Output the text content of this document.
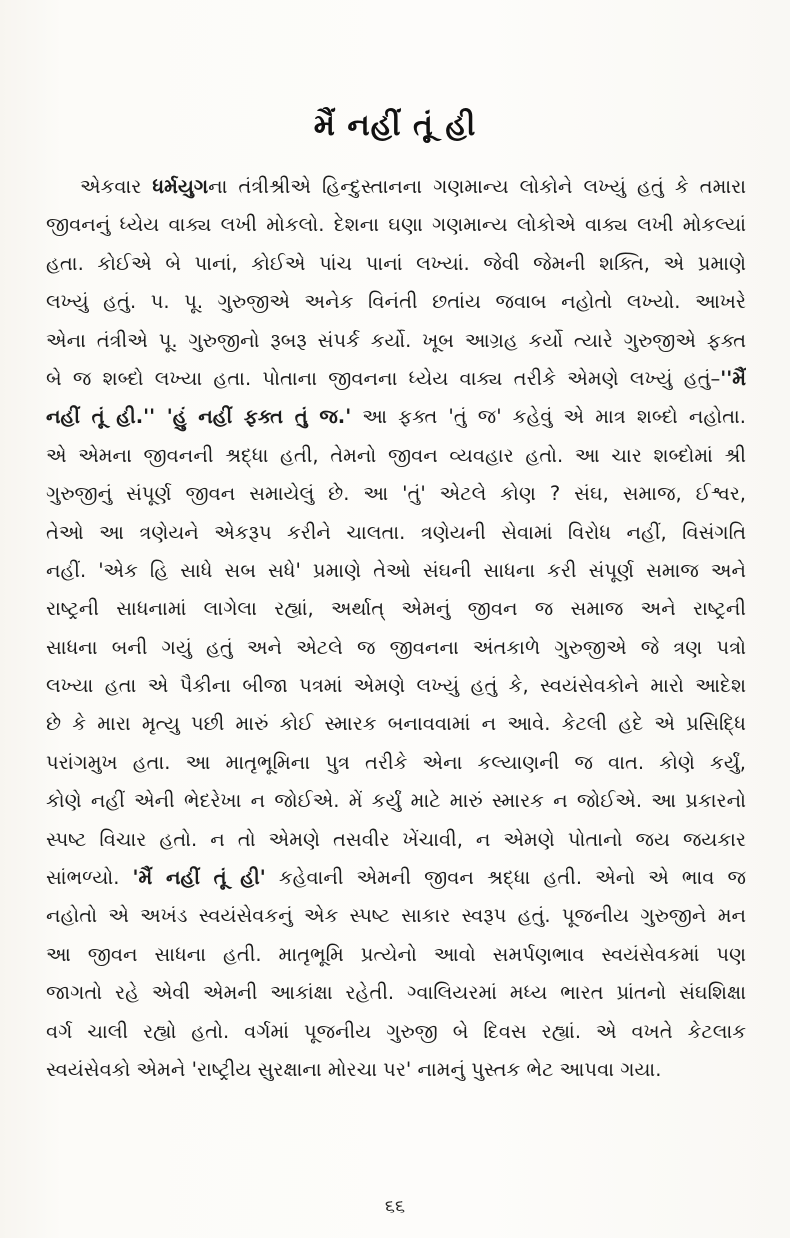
મૈં નહીં તૂં હી
એકવાર ધર્મયુગના તંત્રીશ્રીએ હિન્દુસ્તાનના ગણમાન્ય લોકોને લખ્યું હતું કે તમારા
જીવનનું ધ્યેય વાક્ય લખી મોકલો. દેશના ઘણા ગણમાન્ય લોકોએ વાક્ય લખી મોકલ્યાં
હતા. કોઈએ બે પાનાં, કોઈએ પાંચ પાનાં લખ્યાં. જેવી જેમની શક્તિ, એ પ્રમાણે
લખ્યું હતું. પ. પૂ. ગુરુજીએ અનેક વિનંતી છતાંય જવાબ નહોતો લખ્યો. આખરે
એના તંત્રીએ પૂ. ગુરુજીનો રૂબરૂ સંપર્ક કર્યો. ખૂબ આગ્રહ કર્યો ત્યારે ગુરુજીએ ફક્ત
બે જ શબ્દો લખ્યા હતા. પોતાના જીવનના ધ્યેય વાક્ય તરીકે એમણે લખ્યું હતું–''મૈં
નહીં તૂં હી.'' 'હું નહીં ફક્ત તું જ.' આ ફક્ત 'તું જ' કહેવું એ માત્ર શબ્દો નહોતા.
એ એમના જીવનની શ્રદ્ધા હતી, તેમનો જીવન વ્યવહાર હતો. આ ચાર શબ્દોમાં શ્રી
ગુરુજીનું સંપૂર્ણ જીવન સમાયેલું છે. આ 'તું' એટલે કોણ ? સંઘ, સમાજ, ઈશ્વર,
તેઓ આ ત્રણેયને એકરૂપ કરીને ચાલતા. ત્રણેયની સેવામાં વિરોધ નહીં, વિસંગતિ
નહીં. 'એક હિ સાધે સબ સધે' પ્રમાણે તેઓ સંઘની સાધના કરી સંપૂર્ણ સમાજ અને
રાષ્ટ્રની સાધનામાં લાગેલા રહ્યાં, અર્થાત્ એમનું જીવન જ સમાજ અને રાષ્ટ્રની
સાધના બની ગયું હતું અને એટલે જ જીવનના અંતકાળે ગુરુજીએ જે ત્રણ પત્રો
લખ્યા હતા એ પૈકીના બીજા પત્રમાં એમણે લખ્યું હતું કે, સ્વયંસેવકોને મારો આદેશ
છે કે મારા મૃત્યુ પછી મારું કોઈ સ્મારક બનાવવામાં ન આવે. કેટલી હદે એ પ્રસિદ્ધિ
પરાંગમુખ હતા. આ માતૃભૂમિના પુત્ર તરીકે એના કલ્યાણની જ વાત. કોણે કર્યું,
કોણે નહીં એની ભેદરેખા ન જોઈએ. મેં કર્યું માટે મારું સ્મારક ન જોઈએ. આ પ્રકારનો
સ્પષ્ટ વિચાર હતો. ન તો એમણે તસવીર ખેંચાવી, ન એમણે પોતાનો જય જયકાર
સાંભળ્યો. 'મૈં નહીં તૂં હી' કહેવાની એમની જીવન શ્રદ્ધા હતી. એનો એ ભાવ જ
નહોતો એ અખંડ સ્વયંસેવકનું એક સ્પષ્ટ સાકાર સ્વરૂપ હતું. પૂજનીય ગુરુજીને મન
આ જીવન સાધના હતી. માતૃભૂમિ પ્રત્યેનો આવો સમર્પણભાવ સ્વયંસેવકમાં પણ
જાગતો રહે એવી એમની આકાંક્ષા રહેતી. ગ્વાલિયરમાં મધ્ય ભારત પ્રાંતનો સંઘશિક્ષા
વર્ગ ચાલી રહ્યો હતો. વર્ગમાં પૂજનીય ગુરુજી બે દિવસ રહ્યાં. એ વખતે કેટલાક
સ્વયંસેવકો એમને 'રાષ્ટ્રીય સુરક્ષાના મોરચા પર' નામનું પુસ્તક ભેટ આપવા ગયા.
૬૬
